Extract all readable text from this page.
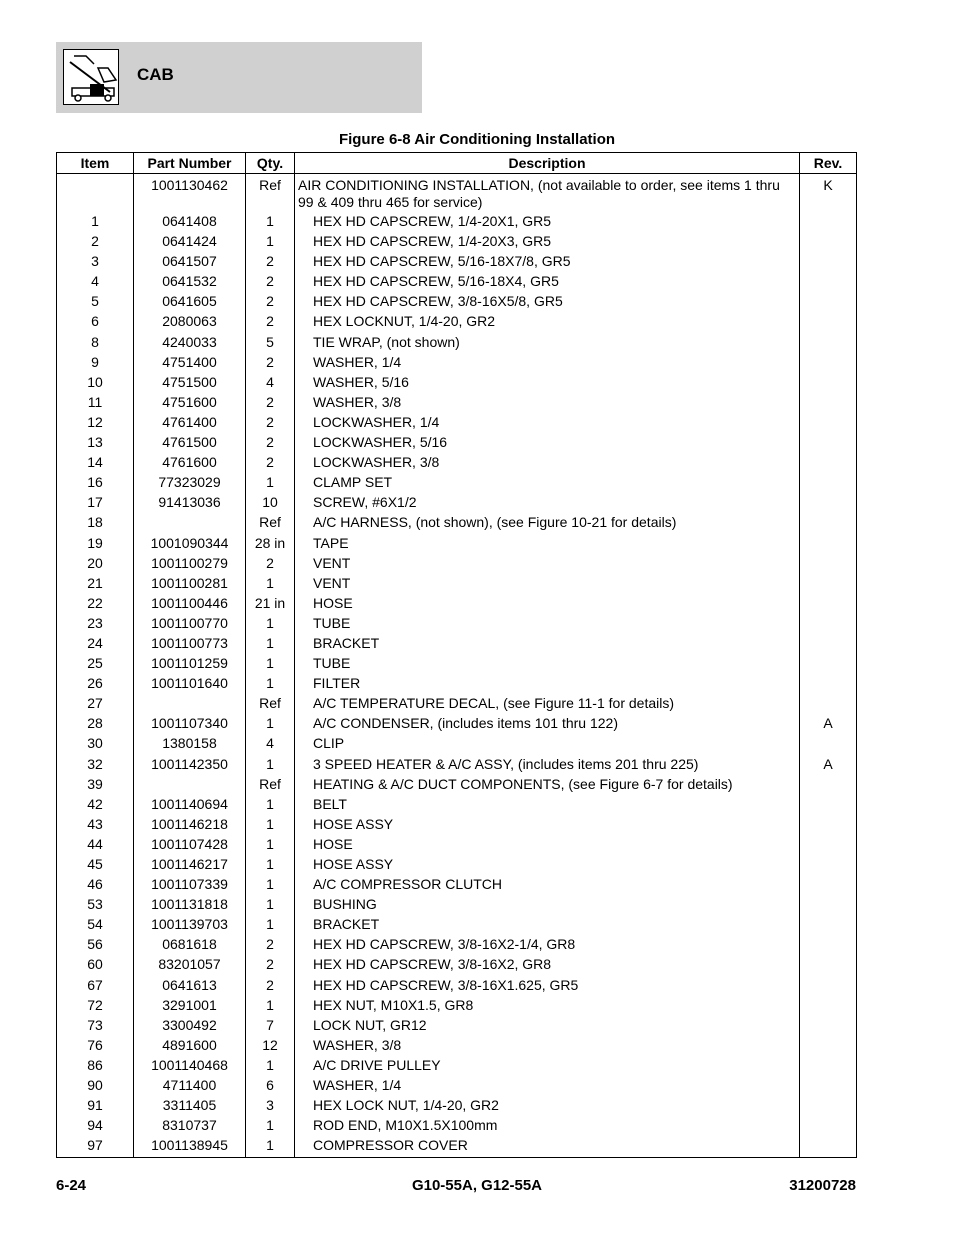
CAB
Figure 6-8 Air Conditioning Installation
Item	Part Number	Qty.	Description	Rev.
	1001130462	Ref	AIR CONDITIONING INSTALLATION, (not available to order, see items 1 thru 99 & 409 thru 465 for service)	K
1	0641408	1	HEX HD CAPSCREW, 1/4-20X1, GR5	
2	0641424	1	HEX HD CAPSCREW, 1/4-20X3, GR5	
3	0641507	2	HEX HD CAPSCREW, 5/16-18X7/8, GR5	
4	0641532	2	HEX HD CAPSCREW, 5/16-18X4, GR5	
5	0641605	2	HEX HD CAPSCREW, 3/8-16X5/8, GR5	
6	2080063	2	HEX LOCKNUT, 1/4-20, GR2	
8	4240033	5	TIE WRAP, (not shown)	
9	4751400	2	WASHER, 1/4	
10	4751500	4	WASHER, 5/16	
11	4751600	2	WASHER, 3/8	
12	4761400	2	LOCKWASHER, 1/4	
13	4761500	2	LOCKWASHER, 5/16	
14	4761600	2	LOCKWASHER, 3/8	
16	77323029	1	CLAMP SET	
17	91413036	10	SCREW, #6X1/2	
18		Ref	A/C HARNESS, (not shown), (see Figure 10-21 for details)	
19	1001090344	28 in	TAPE	
20	1001100279	2	VENT	
21	1001100281	1	VENT	
22	1001100446	21 in	HOSE	
23	1001100770	1	TUBE	
24	1001100773	1	BRACKET	
25	1001101259	1	TUBE	
26	1001101640	1	FILTER	
27		Ref	A/C TEMPERATURE DECAL, (see Figure 11-1 for details)	
28	1001107340	1	A/C CONDENSER, (includes items 101 thru 122)	A
30	1380158	4	CLIP	
32	1001142350	1	3 SPEED HEATER & A/C ASSY, (includes items 201 thru 225)	A
39		Ref	HEATING & A/C DUCT COMPONENTS, (see Figure 6-7 for details)	
42	1001140694	1	BELT	
43	1001146218	1	HOSE ASSY	
44	1001107428	1	HOSE	
45	1001146217	1	HOSE ASSY	
46	1001107339	1	A/C COMPRESSOR CLUTCH	
53	1001131818	1	BUSHING	
54	1001139703	1	BRACKET	
56	0681618	2	HEX HD CAPSCREW, 3/8-16X2-1/4, GR8	
60	83201057	2	HEX HD CAPSCREW, 3/8-16X2, GR8	
67	0641613	2	HEX HD CAPSCREW, 3/8-16X1.625, GR5	
72	3291001	1	HEX NUT, M10X1.5, GR8	
73	3300492	7	LOCK NUT, GR12	
76	4891600	12	WASHER, 3/8	
86	1001140468	1	A/C DRIVE PULLEY	
90	4711400	6	WASHER, 1/4	
91	3311405	3	HEX LOCK NUT, 1/4-20, GR2	
94	8310737	1	ROD END, M10X1.5X100mm	
97	1001138945	1	COMPRESSOR COVER	
6-24	G10-55A, G12-55A	31200728
